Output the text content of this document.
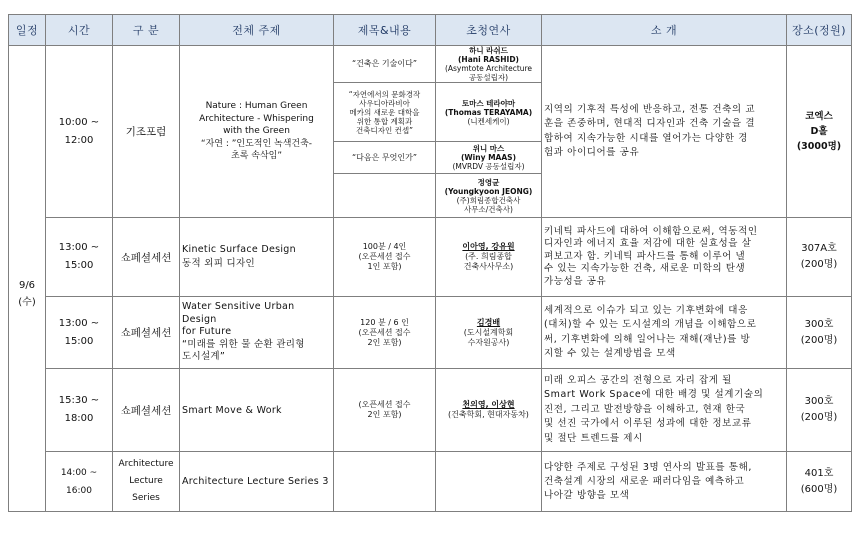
일정	시간	구 분	전체 주제	제목&내용	초청연사	소 개	장소(정원)

9/6
(수)	10:00 ~
12:00	기조포럼	Nature : Human Green
Architecture - Whispering
with the Green
“자연 : ”인도적인 녹색건축-
초록 속삭임”	“건축은 기술이다”	하니 라쉬드
(Hani RASHID)
(Asymtote Architecture
공동설립자)	지역의 기후적 특성에 반응하고, 전통 건축의 교
훈을 존중하며, 현대적 디자인과 건축 기술을 결
합하여 지속가능한 시대를 열어가는 다양한 경
험과 아이디어를 공유	코엑스
D홀
(3000명)

				“자연에서의 문화경작
사우디아라비아
메카의 새로운 대학을
위한 통합 계획과
건축디자인 컨셉”	토마스 테라야마
(Thomas TERAYAMA)
(니켄세케이)		

				“다음은 무엇인가”	위니 마스
(Winy MAAS)
(MVRDV 공동설립자)		

					정영균
(Youngkyoon JEONG)
(주)희림종합건축사
사무소/건축사)		

	13:00 ~
15:00	쇼페셜세션	Kinetic Surface Design
동적 외피 디자인	100분 / 4인
(오픈세션 접수
1인 포함)	이아영, 강유원
(주. 희림종합
건축사사무소)	키네틱 파사드에 대하여 이해함으로써, 역동적인
디자인과 에너지 효율 저감에 대한 실효성을 살
펴보고자 함. 키네틱 파사드를 통해 이루어 낼
수 있는 지속가능한 건축, 새로운 미학의 탄생
가능성을 공유	307A호
(200명)

	13:00 ~
15:00	쇼페셜세션	Water Sensitive Urban Design
for Future
“미래를 위한 물 순환 관리형
도시설계”	120 분 / 6 인
(오픈세션 접수
2인 포함)	김경배
(도시설계학회
수자원공사)	세계적으로 이슈가 되고 있는 기후변화에 대응
(대처)할 수 있는 도시설계의 개념을 이해함으로
써, 기후변화에 의해 일어나는 재해(재난)를 방
지할 수 있는 설계방법을 모색	300호
(200명)

	15:30 ~
18:00	쇼페셜세션	Smart Move & Work	(오픈세션 접수
2인 포함)	천의영, 이상현
(건축학회, 현대자동차)	미래 오피스 공간의 전형으로 자리 잡게 될
Smart Work Space에 대한 배경 및 설계기술의
진전, 그리고 발전방향을 이해하고, 현재 한국
및 선진 국가에서 이루된 성과에 대한 정보교류
및 절단 트렌드를 제시	300호
(200명)

	14:00 ~
16:00	Architecture
Lecture Series	Architecture Lecture Series 3			다양한 주제로 구성된 3명 연사의 발표를 통해,
건축설계 시장의 새로운 패러다임을 예측하고
나아갈 방향을 모색	401호
(600명)
